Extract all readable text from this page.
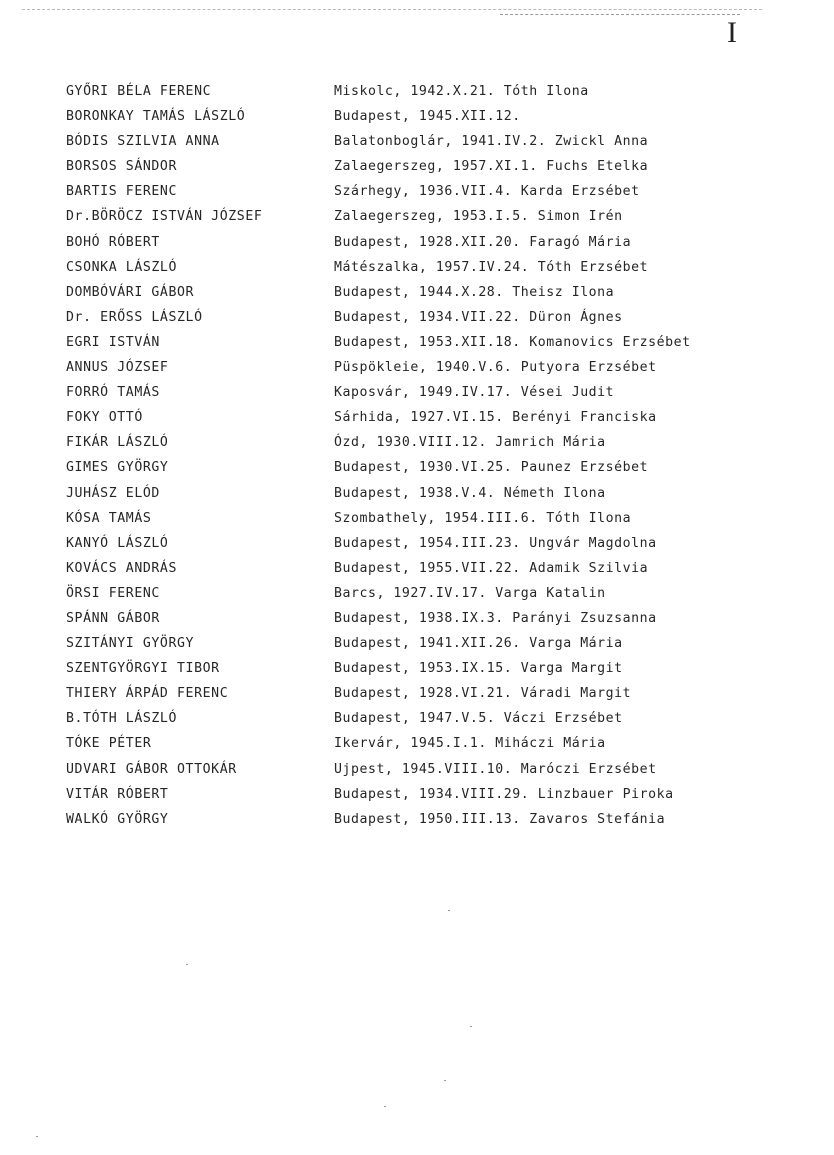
I
GYŐRI BÉLA FERENC	Miskolc, 1942.X.21. Tóth Ilona
BORONKAY TAMÁS LÁSZLÓ	Budapest, 1945.XII.12.
BÓDIS SZILVIA ANNA	Balatonboglár, 1941.IV.2. Zwickl Anna
BORSOS SÁNDOR	Zalaegerszeg, 1957.XI.1. Fuchs Etelka
BARTIS FERENC	Szárhegy, 1936.VII.4. Karda Erzsébet
Dr.BÖRÖCZ ISTVÁN JÓZSEF	Zalaegerszeg, 1953.I.5. Simon Irén
BOHÓ RÓBERT	Budapest, 1928.XII.20. Faragó Mária
CSONKA LÁSZLÓ	Mátészalka, 1957.IV.24. Tóth Erzsébet
DOMBÓVÁRI GÁBOR	Budapest, 1944.X.28. Theisz Ilona
Dr. ERŐSS LÁSZLÓ	Budapest, 1934.VII.22. Düron Ágnes
EGRI ISTVÁN	Budapest, 1953.XII.18. Komanovics Erzsébet
ANNUS JÓZSEF	Püspökleie, 1940.V.6. Putyora Erzsébet
FORRÓ TAMÁS	Kaposvár, 1949.IV.17. Vései Judit
FOKY OTTÓ	Sárhida, 1927.VI.15. Berényi Franciska
FIKÁR LÁSZLÓ	Ózd, 1930.VIII.12. Jamrich Mária
GIMES GYÖRGY	Budapest, 1930.VI.25. Paunez Erzsébet
JUHÁSZ ELÓD	Budapest, 1938.V.4. Németh Ilona
KÓSA TAMÁS	Szombathely, 1954.III.6. Tóth Ilona
KANYÓ LÁSZLÓ	Budapest, 1954.III.23. Ungvár Magdolna
KOVÁCS ANDRÁS	Budapest, 1955.VII.22. Adamik Szilvia
ÖRSI FERENC	Barcs, 1927.IV.17. Varga Katalin
SPÁNN GÁBOR	Budapest, 1938.IX.3. Parányi Zsuzsanna
SZITÁNYI GYÖRGY	Budapest, 1941.XII.26. Varga Mária
SZENTGYÖRGYI TIBOR	Budapest, 1953.IX.15. Varga Margit
THIERY ÁRPÁD FERENC	Budapest, 1928.VI.21. Váradi Margit
B.TÓTH LÁSZLÓ	Budapest, 1947.V.5. Váczi Erzsébet
TÓKE PÉTER	Ikervár, 1945.I.1. Miháczi Mária
UDVARI GÁBOR OTTOKÁR	Ujpest, 1945.VIII.10. Maróczi Erzsébet
VITÁR RÓBERT	Budapest, 1934.VIII.29. Linzbauer Piroka
WALKÓ GYÖRGY	Budapest, 1950.III.13. Zavaros Stefánia
